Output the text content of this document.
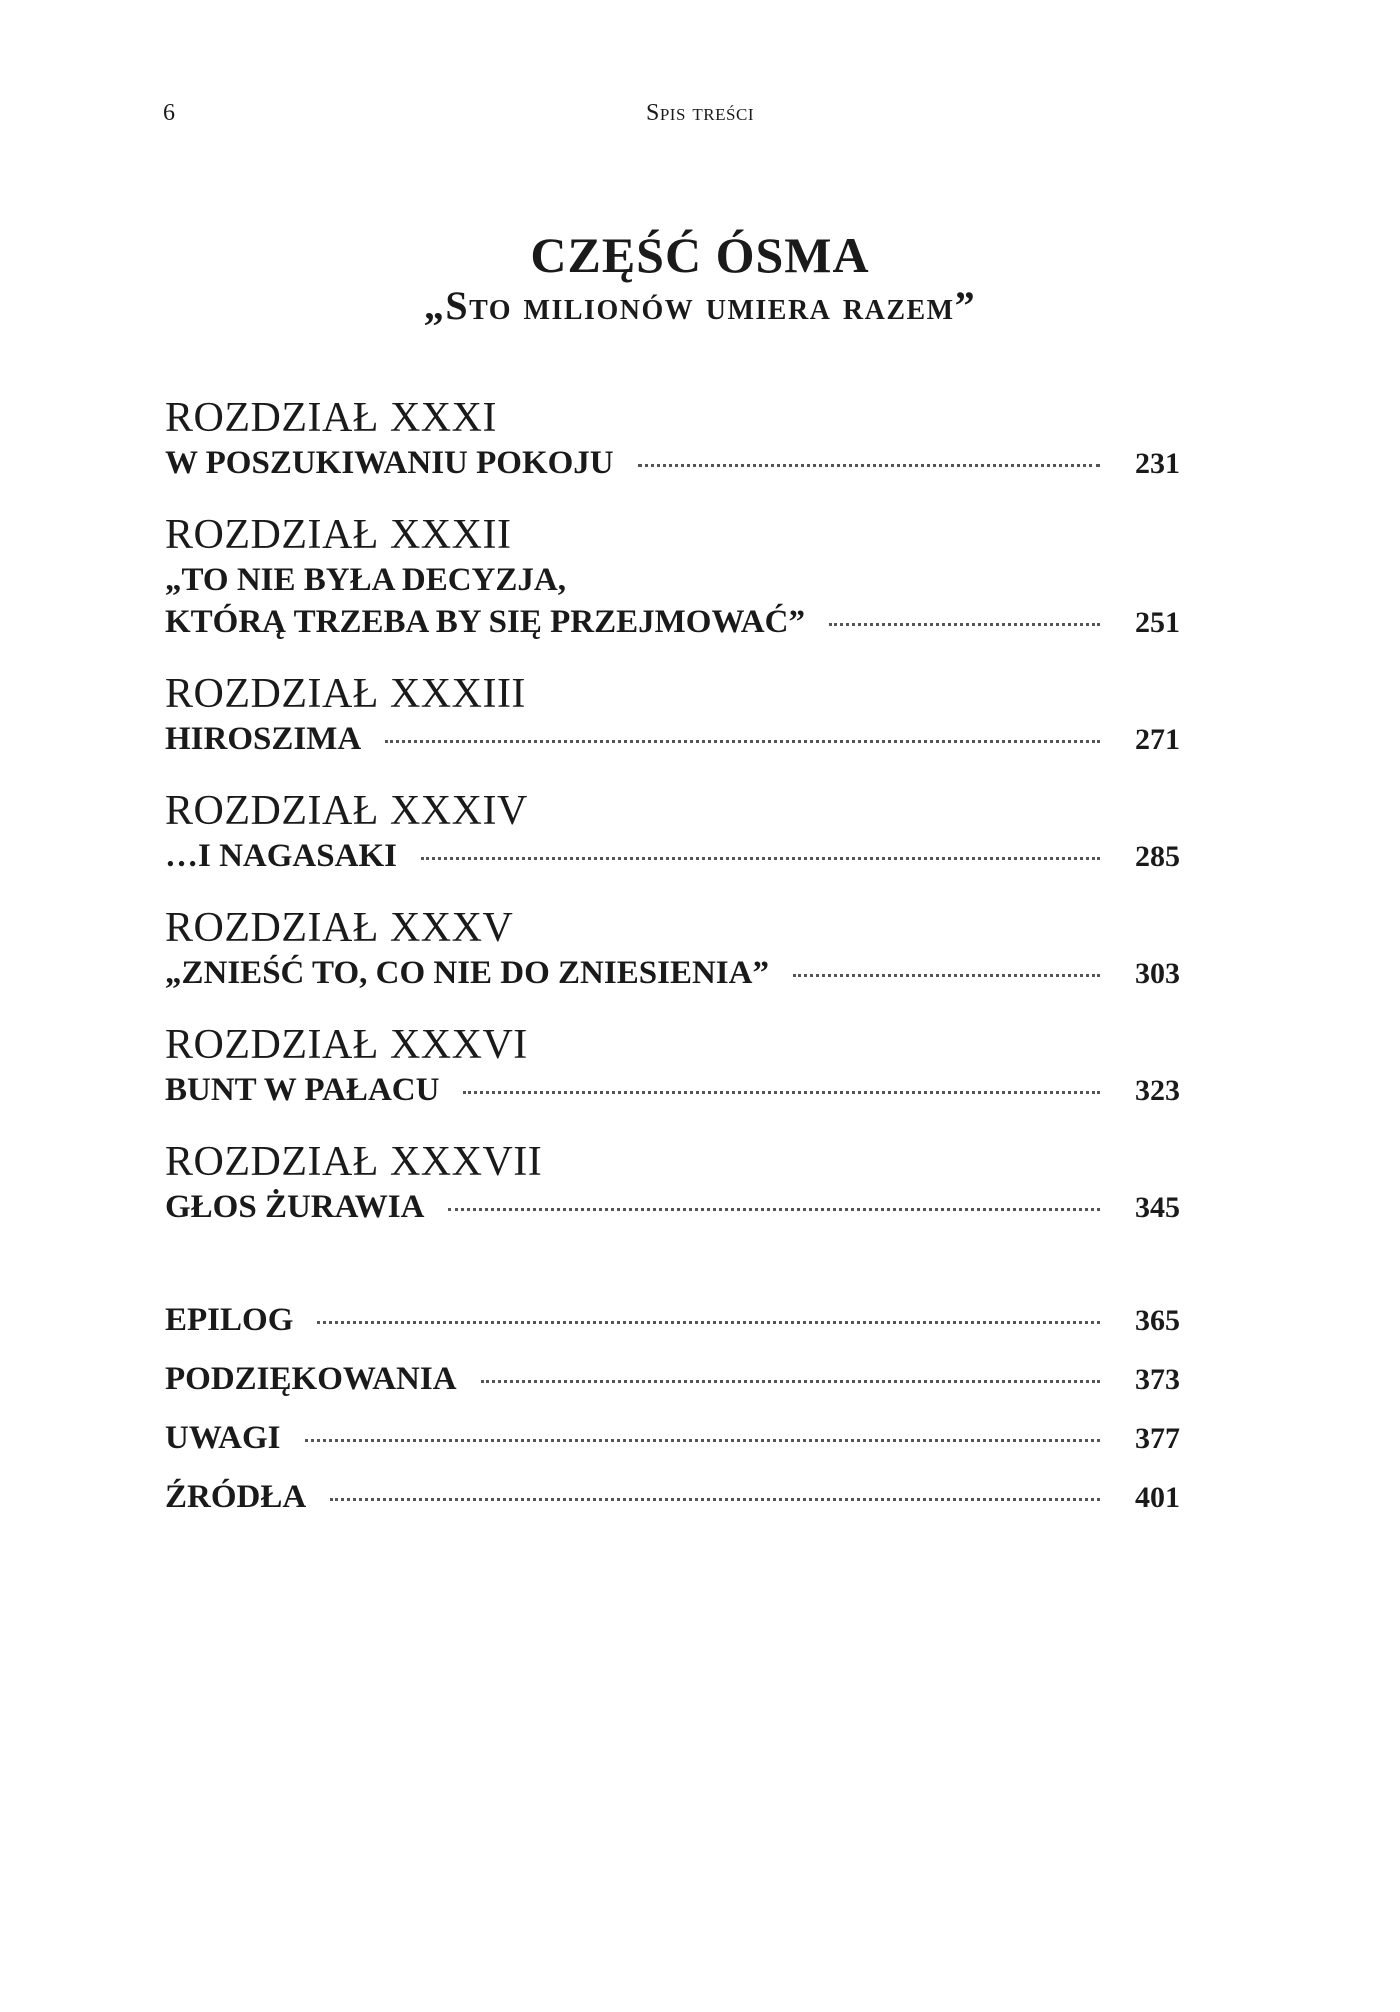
6	Spis treści
CZĘŚĆ ÓSMA
„Sto milionów umiera razem”
ROZDZIAŁ XXXI
W POSZUKIWANIU POKOJU	231
ROZDZIAŁ XXXII
„TO NIE BYŁA DECYZJA,
KTÓRĄ TRZEBA BY SIĘ PRZEJMOWAĆ”	251
ROZDZIAŁ XXXIII
HIROSZIMA	271
ROZDZIAŁ XXXIV
…I NAGASAKI	285
ROZDZIAŁ XXXV
„ZNIEŚĆ TO, CO NIE DO ZNIESIENIA”	303
ROZDZIAŁ XXXVI
BUNT W PAŁACU	323
ROZDZIAŁ XXXVII
GŁOS ŻURAWIA	345
EPILOG	365
PODZIĘKOWANIA	373
UWAGI	377
ŹRÓDŁA	401
